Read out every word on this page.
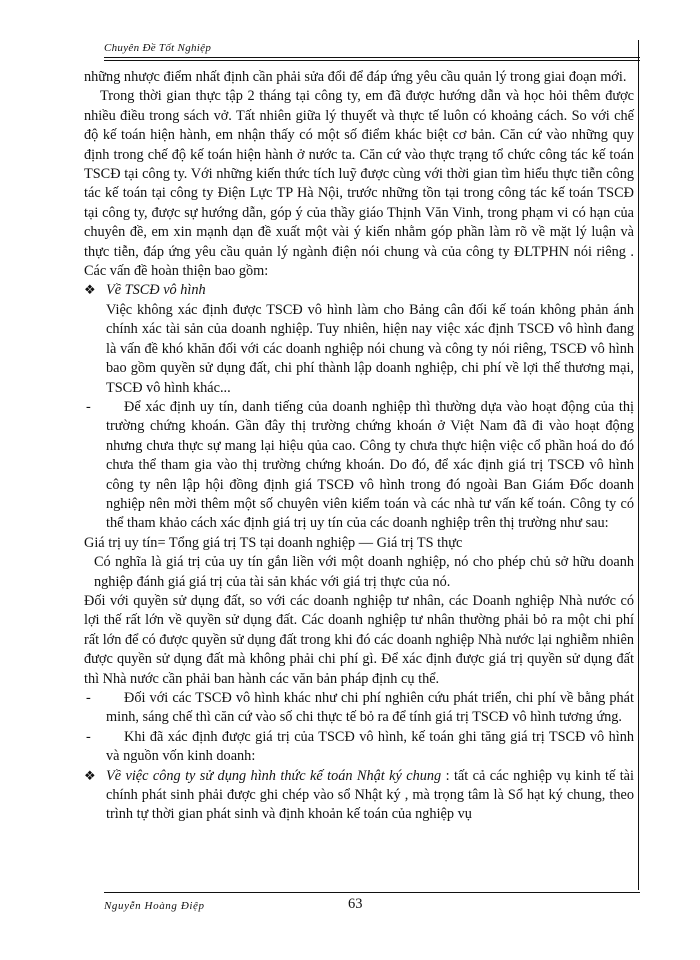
Chuyên Đề Tốt Nghiệp

những nhược điểm nhất định cần phải sửa đổi để đáp ứng yêu cầu quản lý trong giai đoạn mới.

Trong thời gian thực tập 2 tháng tại công ty, em đã được hướng dẫn và học hỏi thêm được nhiều điều trong sách vở. Tất nhiên giữa lý thuyết và thực tế luôn có khoảng cách. So với chế độ kế toán hiện hành, em nhận thấy có một số điểm khác biệt cơ bản. Căn cứ vào những quy định trong chế độ kế toán hiện hành ở nước ta. Căn cứ vào thực trạng tổ chức công tác kế toán TSCĐ tại công ty. Với những kiến thức tích luỹ được cùng với thời gian tìm hiểu thực tiễn công tác kế toán tại công ty Điện Lực TP Hà Nội, trước những tồn tại trong công tác kế toán TSCĐ tại công ty, được sự hướng dẫn, góp ý của thầy giáo Thịnh Văn Vinh, trong phạm vi có hạn của chuyên đề, em xin mạnh dạn đề xuất một vài ý kiến nhằm góp phần làm rõ về mặt lý luận và thực tiễn, đáp ứng yêu cầu quản lý ngành điện nói chung và của công ty ĐLTPHN nói riêng . Các vấn đề hoàn thiện bao gồm:

❖ Về TSCĐ vô hình

Việc không xác định được TSCĐ vô hình làm cho Bảng cân đối kế toán không phản ánh chính xác tài sản của doanh nghiệp. Tuy nhiên, hiện nay việc xác định TSCĐ vô hình đang là vấn đề khó khăn đối với các doanh nghiệp nói chung và công ty nói riêng, TSCĐ vô hình bao gồm quyền sử dụng đất, chi phí thành lập doanh nghiệp, chi phí về lợi thế thương mại, TSCĐ vô hình khác...

- Để xác định uy tín, danh tiếng của doanh nghiệp thì thường dựa vào hoạt động của thị trường chứng khoán. Gần đây thị trường chứng khoán ở Việt Nam đã đi vào hoạt động nhưng chưa thực sự mang lại hiệu qủa cao. Công ty chưa thực hiện việc cổ phần hoá do đó chưa thể tham gia vào thị trường chứng khoán. Do đó, để xác định giá trị TSCĐ vô hình công ty nên lập hội đồng định giá TSCĐ vô hình trong đó ngoài Ban Giám Đốc doanh nghiệp nên mời thêm một số chuyên viên kiểm toán và các nhà tư vấn kế toán. Công ty có thể tham khảo cách xác định giá trị uy tín của các doanh nghiệp trên thị trường như sau:

Giá trị uy tín= Tổng giá trị TS tại doanh nghiệp — Giá trị TS thực

Có nghĩa là giá trị của uy tín gắn liền với một doanh nghiệp, nó cho phép chủ sở hữu doanh nghiệp đánh giá giá trị của tài sản khác với giá trị thực của nó.

Đối với quyền sử dụng đất, so với các doanh nghiệp tư nhân, các Doanh nghiệp Nhà nước có lợi thế rất lớn về quyền sử dụng đất. Các doanh nghiệp tư nhân thường phải bỏ ra một chi phí rất lớn để có được quyền sử dụng đất trong khi đó các doanh nghiệp Nhà nước lại nghiễm nhiên được quyền sử dụng đất mà không phải chi phí gì. Để xác định được giá trị quyền sử dụng đất thì Nhà nước cần phải ban hành các văn bản pháp định cụ thể.

- Đối với các TSCĐ vô hình khác như chi phí nghiên cứu phát triển, chi phí về bằng phát minh, sáng chế thì căn cứ vào số chi thực tế bỏ ra để tính giá trị TSCĐ vô hình tương ứng.
- Khi đã xác định được giá trị của TSCĐ vô hình, kế toán ghi tăng giá trị TSCĐ vô hình và nguồn vốn kinh doanh:
❖ Về việc công ty sử dụng hình thức kế toán Nhật ký chung : tất cả các nghiệp vụ kinh tế tài chính phát sinh phải được ghi chép vào sổ Nhật ký , mà trọng tâm là Sổ hạt ký chung, theo trình tự thời gian phát sinh và định khoản kế toán của nghiệp vụ
Nguyễn Hoàng Điệp	63
